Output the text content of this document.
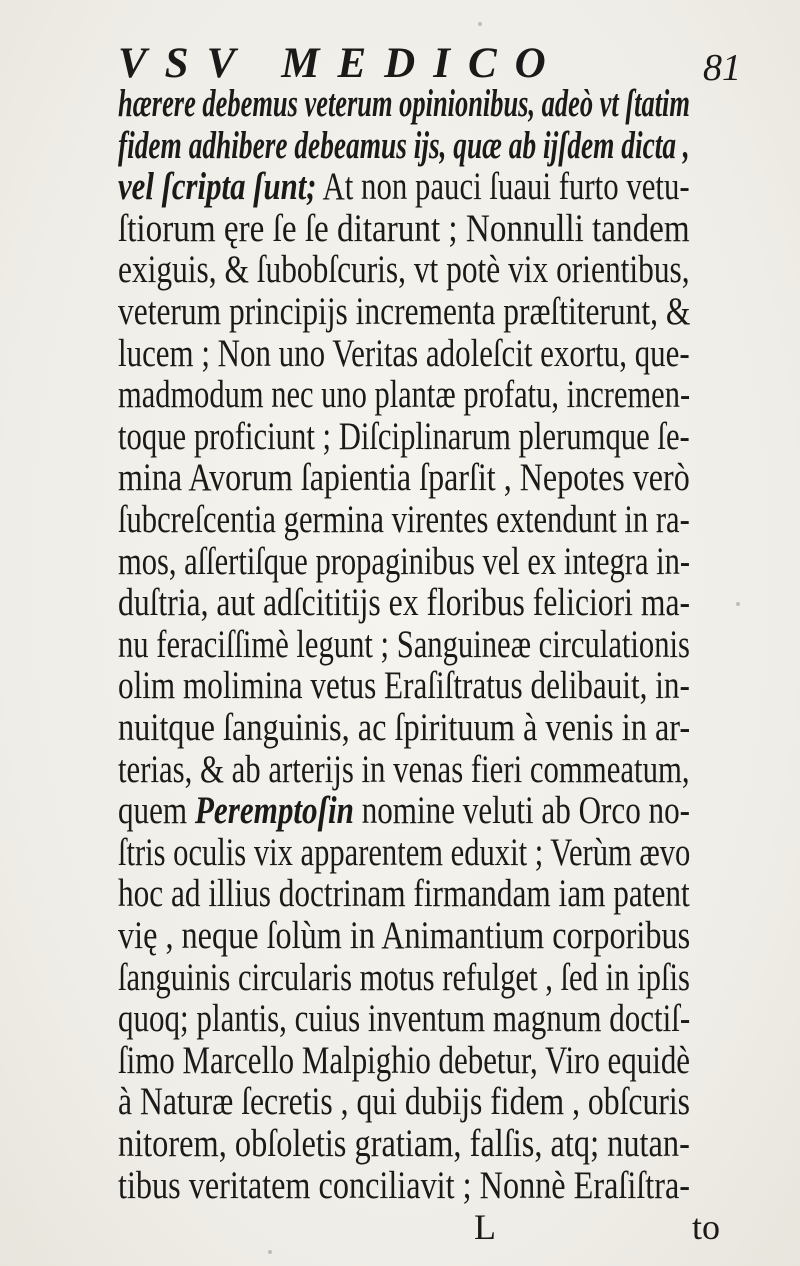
VSV MEDICO	81
hærere debemus veterum opinionibus, adeò vt ſtatim
fidem adhibere debeamus ijs, quæ ab ijſdem dicta ,
vel ſcripta ſunt; At non pauci ſuaui furto vetu-
ſtiorum ęre ſe ſe ditarunt ; Nonnulli tandem
exiguis, & ſubobſcuris, vt potè vix orientibus,
veterum principijs incrementa præſtiterunt, &
lucem ; Non uno Veritas adoleſcit exortu, que-
madmodum nec uno plantæ profatu, incremen-
toque proficiunt ; Diſciplinarum plerumque ſe-
mina Avorum ſapientia ſparſit , Nepotes verò
ſubcreſcentia germina virentes extendunt in ra-
mos, aſſertiſque propaginibus vel ex integra in-
duſtria, aut adſcititijs ex floribus feliciori ma-
nu feraciſſimè legunt ; Sanguineæ circulationis
olim molimina vetus Eraſiſtratus delibauit, in-
nuitque ſanguinis, ac ſpirituum à venis in ar-
terias, & ab arterijs in venas fieri commeatum,
quem Peremptoſin nomine veluti ab Orco no-
ſtris oculis vix apparentem eduxit ; Verùm ævo
hoc ad illius doctrinam firmandam iam patent
vię , neque ſolùm in Animantium corporibus
ſanguinis circularis motus refulget , ſed in ipſis
quoq; plantis, cuius inventum magnum doctiſ-
ſimo Marcello Malpighio debetur, Viro equidè
à Naturæ ſecretis , qui dubijs fidem , obſcuris
nitorem, obſoletis gratiam, falſis, atq; nutan-
tibus veritatem conciliavit ; Nonnè Eraſiſtra-
L	to
